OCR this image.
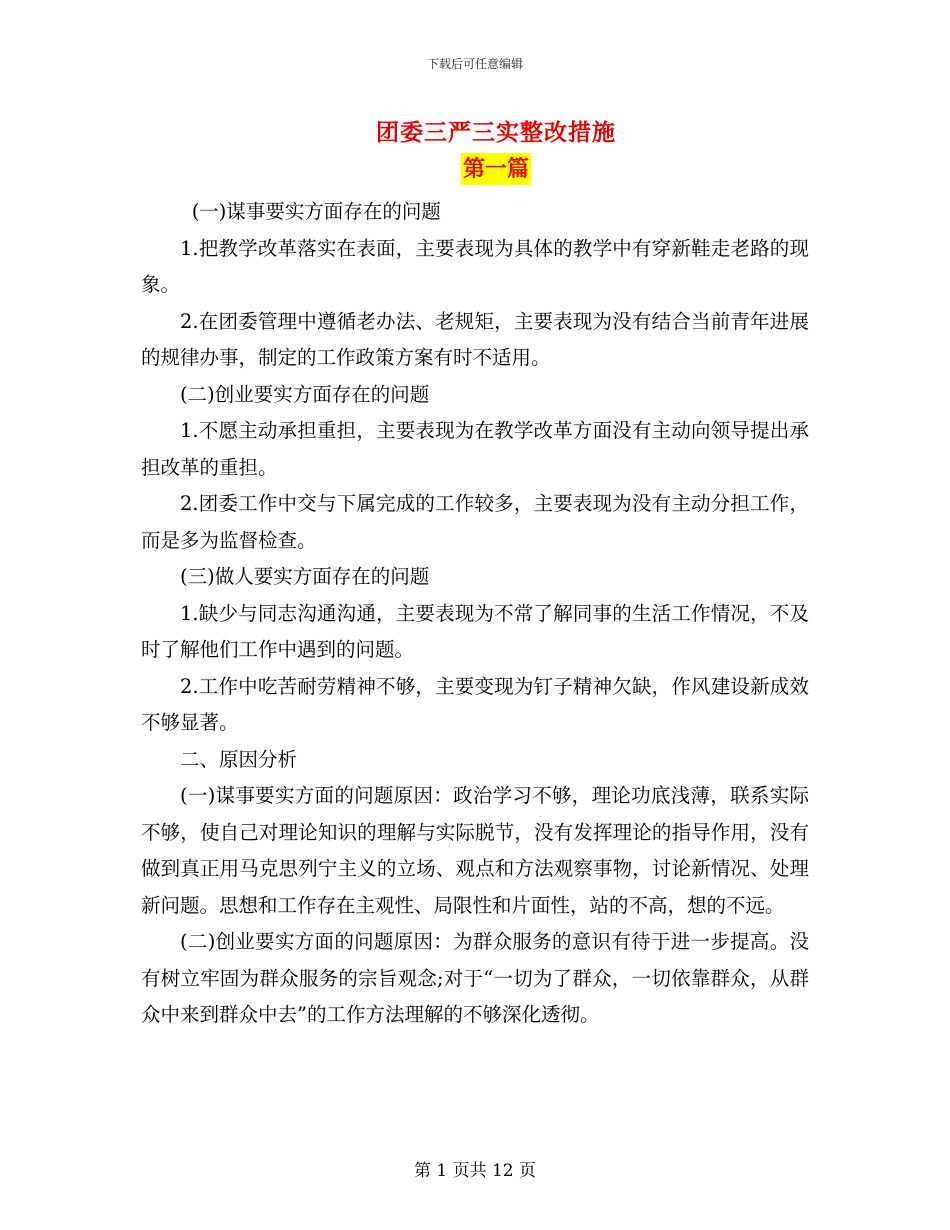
下载后可任意编辑
团委三严三实整改措施
第一篇

(一)谋事要实方面存在的问题

1.把教学改革落实在表面，主要表现为具体的教学中有穿新鞋走老路的现象。

2.在团委管理中遵循老办法、老规矩，主要表现为没有结合当前青年进展的规律办事，制定的工作政策方案有时不适用。

(二)创业要实方面存在的问题

1.不愿主动承担重担，主要表现为在教学改革方面没有主动向领导提出承担改革的重担。

2.团委工作中交与下属完成的工作较多，主要表现为没有主动分担工作，而是多为监督检查。

(三)做人要实方面存在的问题

1.缺少与同志沟通沟通，主要表现为不常了解同事的生活工作情况，不及时了解他们工作中遇到的问题。

2.工作中吃苦耐劳精神不够，主要变现为钉子精神欠缺，作风建设新成效不够显著。

二、原因分析

(一)谋事要实方面的问题原因：政治学习不够，理论功底浅薄，联系实际不够，使自己对理论知识的理解与实际脱节，没有发挥理论的指导作用，没有做到真正用马克思列宁主义的立场、观点和方法观察事物，讨论新情况、处理新问题。思想和工作存在主观性、局限性和片面性，站的不高，想的不远。

(二)创业要实方面的问题原因：为群众服务的意识有待于进一步提高。没有树立牢固为群众服务的宗旨观念;对于“一切为了群众，一切依靠群众，从群众中来到群众中去”的工作方法理解的不够深化透彻。

第 1 页共 12 页
